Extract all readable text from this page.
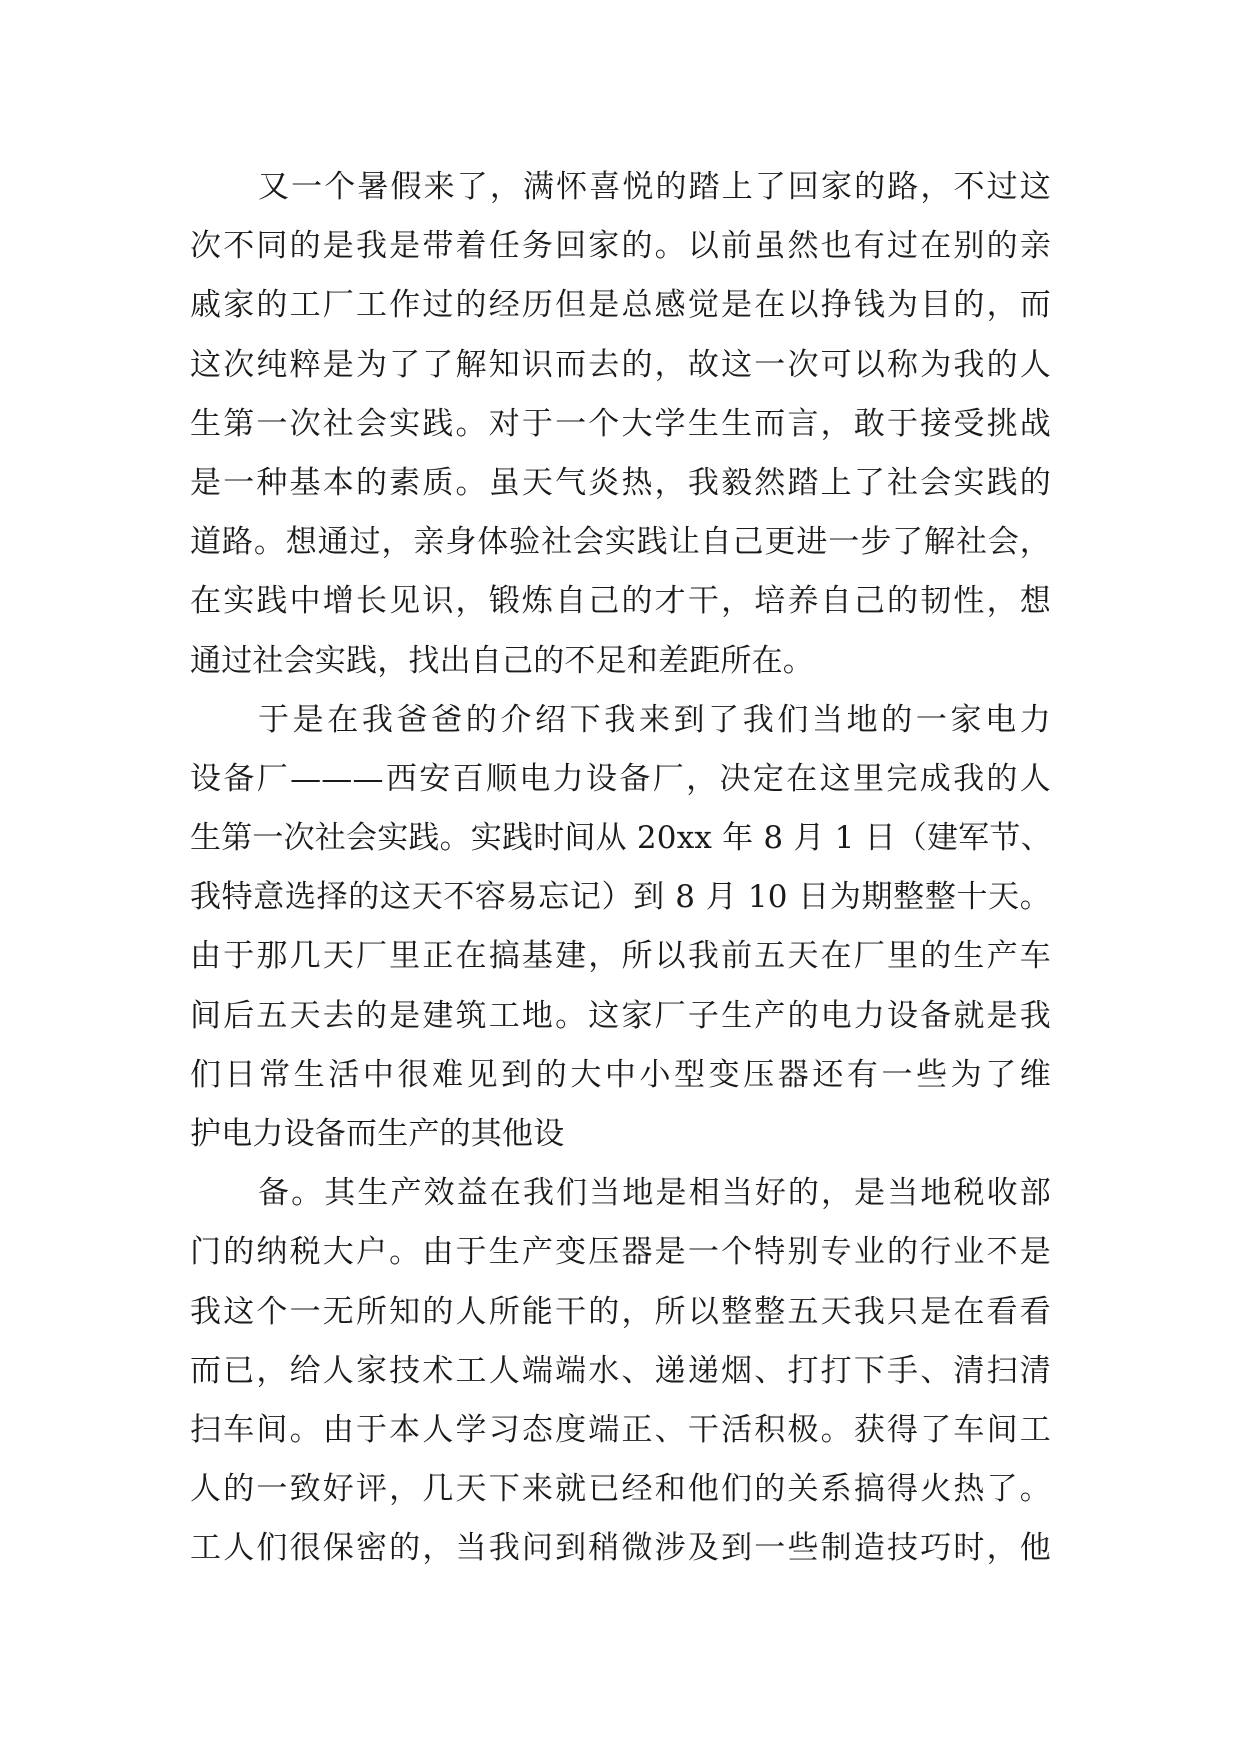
又一个暑假来了，满怀喜悦的踏上了回家的路，不过这
次不同的是我是带着任务回家的。以前虽然也有过在别的亲
戚家的工厂工作过的经历但是总感觉是在以挣钱为目的，而
这次纯粹是为了了解知识而去的，故这一次可以称为我的人
生第一次社会实践。对于一个大学生生而言，敢于接受挑战
是一种基本的素质。虽天气炎热，我毅然踏上了社会实践的
道路。想通过，亲身体验社会实践让自己更进一步了解社会，
在实践中增长见识，锻炼自己的才干，培养自己的韧性，想
通过社会实践，找出自己的不足和差距所在。
于是在我爸爸的介绍下我来到了我们当地的一家电力
设备厂———西安百顺电力设备厂，决定在这里完成我的人
生第一次社会实践。实践时间从 20xx 年 8 月 1 日（建军节、
我特意选择的这天不容易忘记）到 8 月 10 日为期整整十天。
由于那几天厂里正在搞基建，所以我前五天在厂里的生产车
间后五天去的是建筑工地。这家厂子生产的电力设备就是我
们日常生活中很难见到的大中小型变压器还有一些为了维
护电力设备而生产的其他设
备。其生产效益在我们当地是相当好的，是当地税收部
门的纳税大户。由于生产变压器是一个特别专业的行业不是
我这个一无所知的人所能干的，所以整整五天我只是在看看
而已，给人家技术工人端端水、递递烟、打打下手、清扫清
扫车间。由于本人学习态度端正、干活积极。获得了车间工
人的一致好评，几天下来就已经和他们的关系搞得火热了。
工人们很保密的，当我问到稍微涉及到一些制造技巧时，他
